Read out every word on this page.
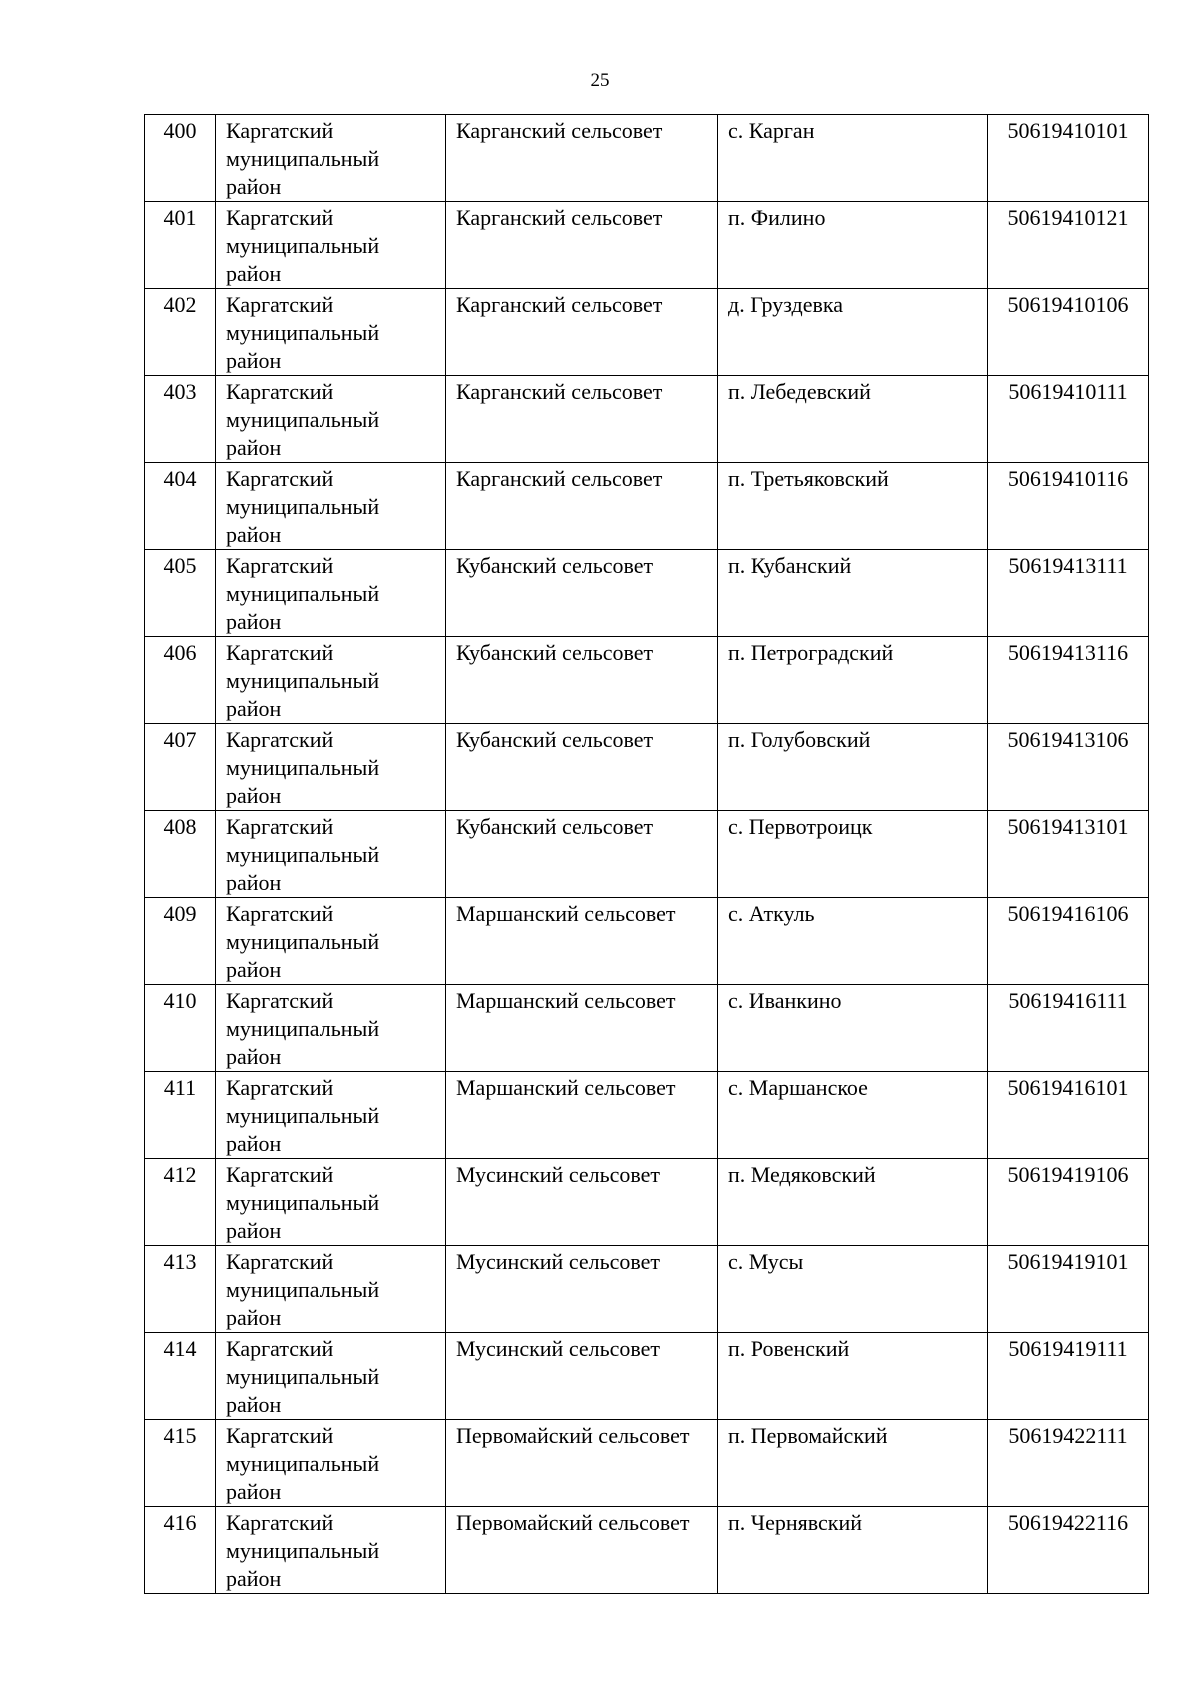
25
400	Каргатский муниципальный район	Карганский сельсовет	с. Карган	50619410101
401	Каргатский муниципальный район	Карганский сельсовет	п. Филино	50619410121
402	Каргатский муниципальный район	Карганский сельсовет	д. Груздевка	50619410106
403	Каргатский муниципальный район	Карганский сельсовет	п. Лебедевский	50619410111
404	Каргатский муниципальный район	Карганский сельсовет	п. Третьяковский	50619410116
405	Каргатский муниципальный район	Кубанский сельсовет	п. Кубанский	50619413111
406	Каргатский муниципальный район	Кубанский сельсовет	п. Петроградский	50619413116
407	Каргатский муниципальный район	Кубанский сельсовет	п. Голубовский	50619413106
408	Каргатский муниципальный район	Кубанский сельсовет	с. Первотроицк	50619413101
409	Каргатский муниципальный район	Маршанский сельсовет	с. Аткуль	50619416106
410	Каргатский муниципальный район	Маршанский сельсовет	с. Иванкино	50619416111
411	Каргатский муниципальный район	Маршанский сельсовет	с. Маршанское	50619416101
412	Каргатский муниципальный район	Мусинский сельсовет	п. Медяковский	50619419106
413	Каргатский муниципальный район	Мусинский сельсовет	с. Мусы	50619419101
414	Каргатский муниципальный район	Мусинский сельсовет	п. Ровенский	50619419111
415	Каргатский муниципальный район	Первомайский сельсовет	п. Первомайский	50619422111
416	Каргатский муниципальный район	Первомайский сельсовет	п. Чернявский	50619422116
